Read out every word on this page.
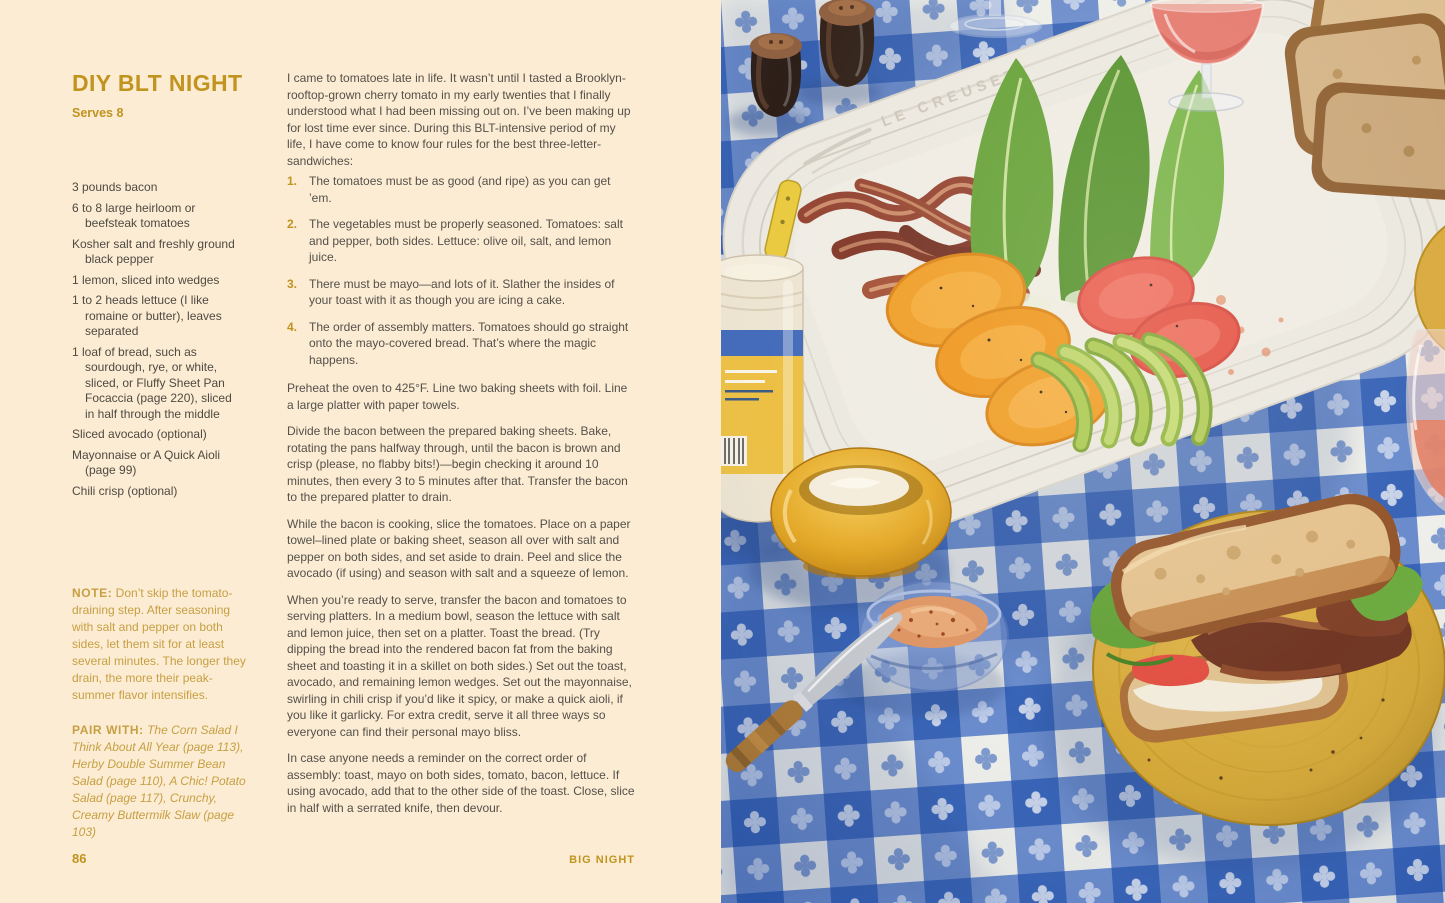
DIY BLT NIGHT
Serves 8
3 pounds bacon
6 to 8 large heirloom or beefsteak tomatoes
Kosher salt and freshly ground black pepper
1 lemon, sliced into wedges
1 to 2 heads lettuce (I like romaine or butter), leaves separated
1 loaf of bread, such as sourdough, rye, or white, sliced, or Fluffy Sheet Pan Focaccia (page 220), sliced in half through the middle
Sliced avocado (optional)
Mayonnaise or A Quick Aioli (page 99)
Chili crisp (optional)
NOTE: Don’t skip the tomato-draining step. After seasoning with salt and pepper on both sides, let them sit for at least several minutes. The longer they drain, the more their peak-summer flavor intensifies.
PAIR WITH: The Corn Salad I Think About All Year (page 113), Herby Double Summer Bean Salad (page 110), A Chic! Potato Salad (page 117), Crunchy, Creamy Buttermilk Slaw (page 103)

I came to tomatoes late in life. It wasn’t until I tasted a Brooklyn-rooftop-grown cherry tomato in my early twenties that I finally understood what I had been missing out on. I’ve been making up for lost time ever since. During this BLT-intensive period of my life, I have come to know four rules for the best three-letter-sandwiches:

1. The tomatoes must be as good (and ripe) as you can get ’em.
2. The vegetables must be properly seasoned. Tomatoes: salt and pepper, both sides. Lettuce: olive oil, salt, and lemon juice.
3. There must be mayo—and lots of it. Slather the insides of your toast with it as though you are icing a cake.
4. The order of assembly matters. Tomatoes should go straight onto the mayo-covered bread. That’s where the magic happens.

Preheat the oven to 425°F. Line two baking sheets with foil. Line a large platter with paper towels.

Divide the bacon between the prepared baking sheets. Bake, rotating the pans halfway through, until the bacon is brown and crisp (please, no flabby bits!)—begin checking it around 10 minutes, then every 3 to 5 minutes after that. Transfer the bacon to the prepared platter to drain.

While the bacon is cooking, slice the tomatoes. Place on a paper towel–lined plate or baking sheet, season all over with salt and pepper on both sides, and set aside to drain. Peel and slice the avocado (if using) and season with salt and a squeeze of lemon.

When you’re ready to serve, transfer the bacon and tomatoes to serving platters. In a medium bowl, season the lettuce with salt and lemon juice, then set on a platter. Toast the bread. (Try dipping the bread into the rendered bacon fat from the baking sheet and toasting it in a skillet on both sides.) Set out the toast, avocado, and remaining lemon wedges. Set out the mayonnaise, swirling in chili crisp if you’d like it spicy, or make a quick aioli, if you like it garlicky. For extra credit, serve it all three ways so everyone can find their personal mayo bliss.

In case anyone needs a reminder on the correct order of assembly: toast, mayo on both sides, tomato, bacon, lettuce. If using avocado, add that to the other side of the toast. Close, slice in half with a serrated knife, then devour.

86	BIG NIGHT
